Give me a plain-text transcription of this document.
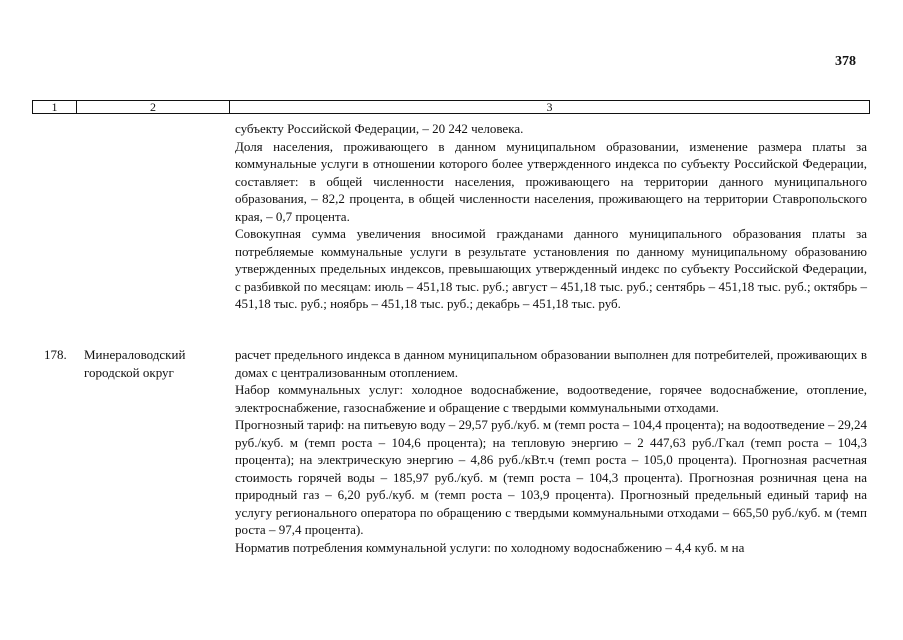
378
1	2	3

субъекту Российской Федерации, – 20 242 человека.

Доля населения, проживающего в данном муниципальном образовании, изменение размера платы за коммунальные услуги в отношении которого более утвержденного индекса по субъекту Российской Федерации, составляет: в общей численности населения, проживающего на территории данного муниципального образования, – 82,2 процента, в общей численности населения, проживающего на территории Ставропольского края, – 0,7 процента.

Совокупная сумма увеличения вносимой гражданами данного муниципального образования платы за потребляемые коммунальные услуги в результате установления по данному муниципальному образованию утвержденных предельных индексов, превышающих утвержденный индекс по субъекту Российской Федерации, с разбивкой по месяцам: июль – 451,18 тыс. руб.; август – 451,18 тыс. руб.; сентябрь – 451,18 тыс. руб.; октябрь – 451,18 тыс. руб.; ноябрь – 451,18 тыс. руб.; декабрь – 451,18 тыс. руб.

178. Минераловодский городской округ

расчет предельного индекса в данном муниципальном образовании выполнен для потребителей, проживающих в домах с централизованным отоплением.

Набор коммунальных услуг: холодное водоснабжение, водоотведение, горячее водоснабжение, отопление, электроснабжение, газоснабжение и обращение с твердыми коммунальными отходами.

Прогнозный тариф: на питьевую воду – 29,57 руб./куб. м (темп роста – 104,4 процента); на водоотведение – 29,24 руб./куб. м (темп роста – 104,6 процента); на тепловую энергию – 2 447,63 руб./Гкал (темп роста – 104,3 процента); на электрическую энергию – 4,86 руб./кВт.ч (темп роста – 105,0 процента). Прогнозная расчетная стоимость горячей воды – 185,97 руб./куб. м (темп роста – 104,3 процента). Прогнозная розничная цена на природный газ – 6,20 руб./куб. м (темп роста – 103,9 процента). Прогнозный предельный единый тариф на услугу регионального оператора по обращению с твердыми коммунальными отходами – 665,50 руб./куб. м (темп роста – 97,4 процента).

Норматив потребления коммунальной услуги: по холодному водоснабжению – 4,4 куб. м на
